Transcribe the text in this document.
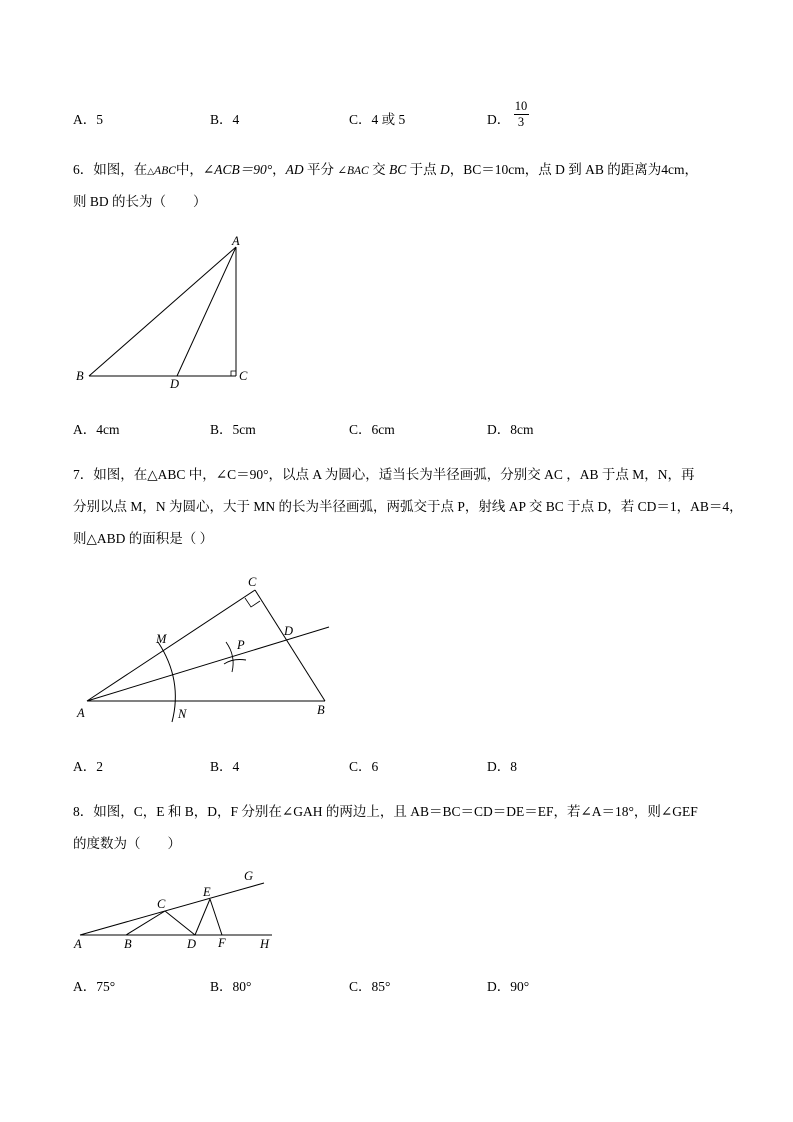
A．5	B．4	C．4 或 5	D．
10
3
6．如图，在△ABC中，∠ACB＝90°，AD 平分 ∠BAC 交 BC 于点 D，BC＝10cm，点 D 到 AB 的距离为4cm，
则 BD 的长为（　　）
A
B	C
D
A．4cm	B．5cm	C．6cm	D．8cm
7．如图，在△ABC 中，∠C＝90°，以点 A 为圆心，适当长为半径画弧，分别交 AC ，AB 于点 M，N，再
分别以点 M，N 为圆心，大于 MN 的长为半径画弧，两弧交于点 P，射线 AP 交 BC 于点 D，若 CD＝1，AB＝4，
则△ABD 的面积是（ ）
C
D
M	P
A	N	B
A．2	B．4	C．6	D．8
8．如图，C，E 和 B，D，F 分别在∠GAH 的两边上，且 AB＝BC＝CD＝DE＝EF，若∠A＝18°，则∠GEF
的度数为（　　）
G
E
C
A	B	D F	H
A．75°	B．80°	C．85°	D．90°
